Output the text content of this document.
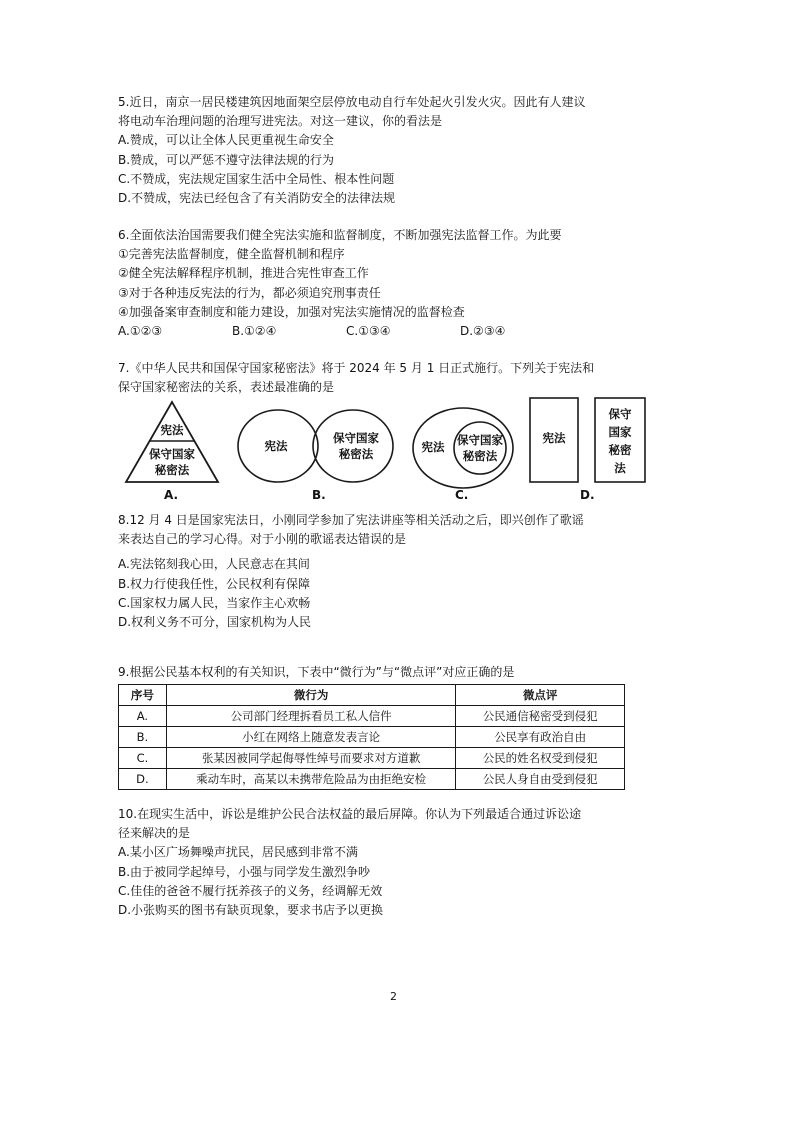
5.近日，南京一居民楼建筑因地面架空层停放电动自行车处起火引发火灾。因此有人建议
将电动车治理问题的治理写进宪法。对这一建议，你的看法是
A.赞成，可以让全体人民更重视生命安全
B.赞成，可以严惩不遵守法律法规的行为
C.不赞成，宪法规定国家生活中全局性、根本性问题
D.不赞成，宪法已经包含了有关消防安全的法律法规
6.全面依法治国需要我们健全宪法实施和监督制度，不断加强宪法监督工作。为此要
①完善宪法监督制度，健全监督机制和程序
②健全宪法解释程序机制，推进合宪性审查工作
③对于各种违反宪法的行为，都必须追究刑事责任
④加强备案审查制度和能力建设，加强对宪法实施情况的监督检查
A.①②③	B.①②④	C.①③④	D.②③④
7.《中华人民共和国保守国家秘密法》将于 2024 年 5 月 1 日正式施行。下列关于宪法和
保守国家秘密法的关系，表述最准确的是
宪法
保守国家
秘密法
宪法
保守国家
秘密法	宪法 保守国家
秘密法
宪法
保守
国家
秘密
法
A.	B.	C.	D.
8.12 月 4 日是国家宪法日，小刚同学参加了宪法讲座等相关活动之后，即兴创作了歌谣
来表达自己的学习心得。对于小刚的歌谣表达错误的是
A.宪法铭刻我心田，人民意志在其间
B.权力行使我任性，公民权利有保障
C.国家权力属人民，当家作主心欢畅
D.权利义务不可分，国家机构为人民
9.根据公民基本权利的有关知识，下表中“微行为”与“微点评”对应正确的是
序号	微行为	微点评
A.	公司部门经理拆看员工私人信件	公民通信秘密受到侵犯
B.	小红在网络上随意发表言论	公民享有政治自由
C.	张某因被同学起侮辱性绰号而要求对方道歉	公民的姓名权受到侵犯
D.	乘动车时，高某以未携带危险品为由拒绝安检	公民人身自由受到侵犯
10.在现实生活中，诉讼是维护公民合法权益的最后屏障。你认为下列最适合通过诉讼途
径来解决的是
A.某小区广场舞噪声扰民，居民感到非常不满
B.由于被同学起绰号，小强与同学发生激烈争吵
C.佳佳的爸爸不履行抚养孩子的义务，经调解无效
D.小张购买的图书有缺页现象，要求书店予以更换
2
